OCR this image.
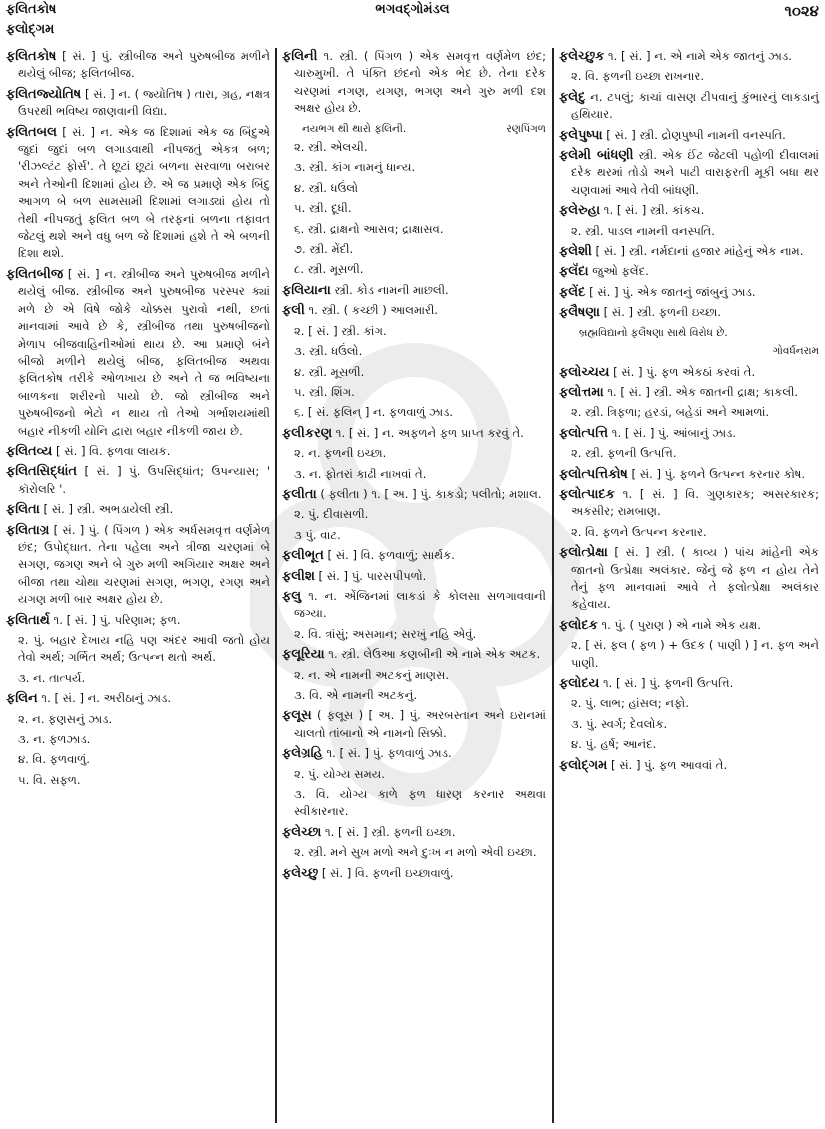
ફલિતકોષ
ફલોદ્ગમ
ભગવદ્ગોમંડલ	૧૦૨૪
ફલિતકોષ [ સં. ] પું. સ્ત્રીબીજ અને પુરુષબીજ મળીને થયેલું બીજ; ફલિતબીજ.
ફલિતજ્યોતિષ [ સં. ] ન. ( જ્યોતિષ ) તારા, ગ્રહ, નક્ષત્ર ઉપરથી ભવિષ્ય જાણવાની વિદ્યા.
ફલિતબલ [ સં. ] ન. એક જ દિશામાં એક જ બિંદુએ જુદાં જુદાં બળ લગાડવાથી નીપજતું એકત્ર બળ; 'રીઝલ્ટંટ ફોર્સ'. તે છૂટાં છૂટાં બળના સરવાળા બરાબર અને તેઓની દિશામાં હોય છે. એ જ પ્રમાણે એક બિંદુ આગળ બે બળ સામસામી દિશામાં લગાડ્યાં હોય તો તેથી નીપજતું ફલિત બળ બે તરફનાં બળના તફાવત જેટલું થશે અને વધુ બળ જે દિશામાં હશે તે એ બળની દિશા થશે.
ફલિતબીજ [ સં. ] ન. સ્ત્રીબીજ અને પુરુષબીજ મળીને થયેલું બીજ. સ્ત્રીબીજ અને પુરુષબીજ પરસ્પર ક્યાં મળે છે એ વિષે જોકે ચોક્કસ પુરાવો નથી, છતાં માનવામાં આવે છે કે, સ્ત્રીબીજ તથા પુરુષબીજનો મેળાપ બીજવાહિનીઓમાં થાય છે. આ પ્રમાણે બંને બીજો મળીને થયેલું બીજ, ફલિતબીજ અથવા ફલિતકોષ તરીકે ઓળખાય છે અને તે જ ભવિષ્યના બાળકના શરીરનો પાયો છે. જો સ્ત્રીબીજ અને પુરુષબીજનો ભેટો ન થાય તો તેઓ ગર્ભાશયમાંથી બહાર નીકળી યોનિ દ્વારા બહાર નીકળી જાય છે.
ફલિતવ્ય [ સં. ] વિ. ફળવા લાયક.
ફલિતસિદ્ધાંત [ સં. ] પું. ઉપસિદ્ધાંત; ઉપન્યાસ; ' કૉરોલરિ '.
ફલિતા [ સં. ] સ્ત્રી. અભડાયેલી સ્ત્રી.
ફલિતાગ્ર [ સં. ] પું. ( પિંગળ ) એક અર્ધસમવૃત્ત વર્ણમેળ છંદ; ઉપોદ્ઘાત. તેના પહેલા અને ત્રીજા ચરણમાં બે સગણ, જગણ અને બે ગુરુ મળી અગિયાર અક્ષર અને બીજા તથા ચોથા ચરણમાં સગણ, ભગણ, રગણ અને યગણ મળી બાર અક્ષર હોય છે.
ફલિતાર્થ ૧. [ સં. ] પું. પરિણામ; ફળ.
૨. પું. બહાર દેખાય નહિ પણ અંદર આવી જતો હોય તેવો અર્થ; ગર્ભિત અર્થ; ઉત્પન્ન થતો અર્થ.
૩. ન. તાત્પર્ય.
ફલિન ૧. [ સં. ] ન. અરીઠાનું ઝાડ.
૨. ન. ફણસનું ઝાડ.
૩. ન. ફળઝાડ.
૪. વિ. ફળવાળું.
૫. વિ. સફળ.
ફલિની ૧. સ્ત્રી. ( પિંગળ ) એક સમવૃત્ત વર્ણમેળ છંદ; ચારુમુખી. તે પંક્તિ છંદનો એક ભેદ છે. તેના દરેક ચરણમાં નગણ, યગણ, ભગણ અને ગુરુ મળી દશ અક્ષર હોય છે.
રણપિંગળ
નયભગ થી થારો ફલિની.
૨. સ્ત્રી. એલચી.
૩. સ્ત્રી. કાંગ નામનું ધાન્ય.
૪. સ્ત્રી. ધઉંલો
૫. સ્ત્રી. દૂધી.
૬. સ્ત્રી. દ્રાક્ષનો આસવ; દ્રાક્ષાસવ.
૭. સ્ત્રી. મેંદી.
૮. સ્ત્રી. મૂસળી.
ફલિયાના સ્ત્રી. કોડ નામની માછલી.
ફલી ૧. સ્ત્રી. ( કચ્છી ) આલમારી.
૨. [ સં. ] સ્ત્રી. કાંગ.
૩. સ્ત્રી. ધઉંલો.
૪. સ્ત્રી. મૂસળી.
૫. સ્ત્રી. શિંગ.
૬. [ સં. ફલિન્ ] ન. ફળવાળું ઝાડ.
ફલીકરણ ૧. [ સં. ] ન. અફળને ફળ પ્રાપ્ત કરવું તે.
૨. ન. ફળની ઇચ્છા.
૩. ન. ફોતરાં કાઢી નાખવાં તે.
ફલીતા ( ફલીતા ) ૧. [ અ. ] પું. કાકડો; પલીતો; મશાલ.
૨. પું. દીવાસળી.
૩ પું. વાટ.
ફલીભૂત [ સં. ] વિ. ફળવાળું; સાર્થક.
ફલીશ [ સં. ] પું. પારસપીપળો.
ફલુ ૧. ન. એંજિનમાં લાકડાં કે કોલસા સળગાવવાની જગ્યા.
૨. વિ. ત્રાંસું; અસમાન; સરખું નહિ એવું.
ફલૂરિયા ૧. સ્ત્રી. લેઉઆ કણબીની એ નામે એક અટક.
૨. ન. એ નામની અટકનું માણસ.
૩. વિ. એ નામની અટકનું.
ફલૂસ ( ફલૂસ ) [ અ. ] પું. અરબસ્તાન અને ઇરાનમાં ચાલતો તાંબાનો એ નામનો સિક્કો.
ફલેગ્રહિ ૧. [ સં. ] પું. ફળવાળું ઝાડ.
૨. પું. યોગ્ય સમય.
૩. વિ. યોગ્ય કાળે ફળ ધારણ કરનાર અથવા સ્વીકારનાર.
ફલેચ્છા ૧. [ સં. ] સ્ત્રી. ફળની ઇચ્છા.
૨. સ્ત્રી. મને સુખ મળો અને દુઃખ ન મળો એવી ઇચ્છા.
ફલેચ્છુ [ સં. ] વિ. ફળની ઇચ્છાવાળું.
ફલેચ્છુક ૧. [ સં. ] ન. એ નામે એક જાતનું ઝાડ.
૨. વિ. ફળની ઇચ્છા રાખનાર.
ફલેદુ ન. ટપલું; કાચાં વાસણ ટીપવાનું કુંભારનું લાકડાનું હથિયાર.
ફલેપુષ્પા [ સં. ] સ્ત્રી. દ્રોણપુષ્પી નામની વનસ્પતિ.
ફલેમી બાંધણી સ્ત્રી. એક ઈંટ જેટલી પહોળી દીવાલમાં દરેક થરમાં તોડો અને પાટી વારાફરતી મૂકી બધા થર ચણવામાં આવે તેવી બાંધણી.
ફલેરુહા ૧. [ સં. ] સ્ત્રી. કાંકચ.
૨. સ્ત્રી. પાડલ નામની વનસ્પતિ.
ફલેશી [ સં. ] સ્ત્રી. નર્મદાનાં હજાર માંહેનું એક નામ.
ફલૅંદા જુઓ ફલેંદ.
ફલેંદ [ સં. ] પું. એક જાતનું જાંબુનું ઝાડ.
ફલૈષણા [ સં. ] સ્ત્રી. ફળની ઇચ્છા.
બ્રહ્મવિદ્યાનો ફલૈષણા સાથે વિરોધ છે.
ગોવર્ધનરામ
ફલોચ્ચય [ સં. ] પું. ફળ એકઠાં કરવાં તે.
ફલોત્તમા ૧. [ સં. ] સ્ત્રી. એક જાતની દ્રાક્ષ; કાકલી.
૨. સ્ત્રી. ત્રિફળા; હરડાં, બહેડાં અને આમળાં.
ફલોત્પત્તિ ૧. [ સં. ] પું. આંબાનું ઝાડ.
૨. સ્ત્રી. ફળની ઉત્પત્તિ.
ફલોત્પત્તિકોષ [ સં. ] પું. ફળને ઉત્પન્ન કરનાર કોષ.
ફલોત્પાદક ૧. [ સં. ] વિ. ગુણકારક; અસરકારક; અકસીર; રામબાણ.
૨. વિ. ફળને ઉત્પન્ન કરનાર.
ફલોત્પ્રેક્ષા [ સં. ] સ્ત્રી. ( કાવ્ય ) પાંચ માંહેની એક જાતનો ઉત્પ્રેક્ષા અલંકાર. જેનું જે ફળ ન હોય તેને તેનું ફળ માનવામાં આવે તે ફલોત્પ્રેક્ષા અલંકાર કહેવાય.
ફલોદક ૧. પું. ( પુરાણ ) એ નામે એક યક્ષ.
૨. [ સં. ફલ ( ફળ ) + ઉદક ( પાણી ) ] ન. ફળ અને પાણી.
ફલોદય ૧. [ સં. ] પું. ફળની ઉત્પત્તિ.
૨. પું. લાભ; હાંસલ; નફો.
૩. પું. સ્વર્ગ; દેવલોક.
૪. પું. હર્ષ; આનંદ.
ફલોદ્ગમ [ સં. ] પું. ફળ આવવાં તે.
